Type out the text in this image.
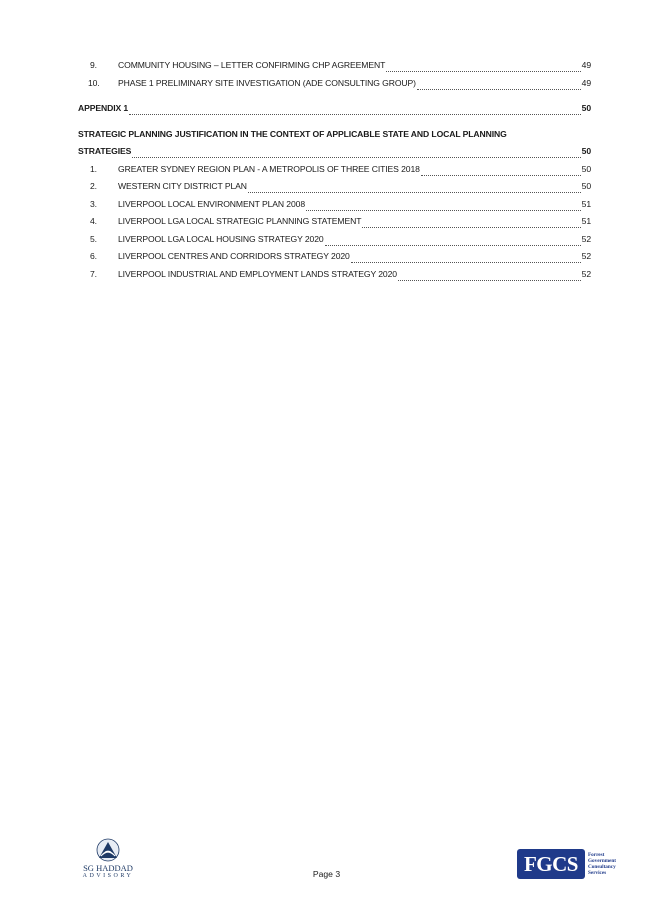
9.	COMMUNITY HOUSING – LETTER CONFIRMING CHP AGREEMENT	49
10.	PHASE 1 PRELIMINARY SITE INVESTIGATION (ADE CONSULTING GROUP)	49
APPENDIX 1	50
STRATEGIC PLANNING JUSTIFICATION IN THE CONTEXT OF APPLICABLE STATE AND LOCAL PLANNING
STRATEGIES	50
1.	GREATER SYDNEY REGION PLAN - A METROPOLIS OF THREE CITIES 2018	50
2.	WESTERN CITY DISTRICT PLAN	50
3.	LIVERPOOL LOCAL ENVIRONMENT PLAN 2008	51
4.	LIVERPOOL LGA LOCAL STRATEGIC PLANNING STATEMENT	51
5.	LIVERPOOL LGA LOCAL HOUSING STRATEGY 2020	52
6.	LIVERPOOL CENTRES AND CORRIDORS STRATEGY 2020	52
7.	LIVERPOOL INDUSTRIAL AND EMPLOYMENT LANDS STRATEGY 2020	52
SG HADDAD
ADVISORY	Page 3	FGCS	Forrest
Government
Consultancy
Services
